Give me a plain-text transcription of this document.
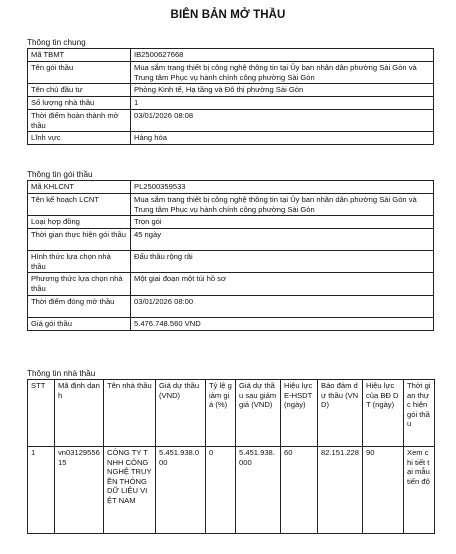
BIÊN BẢN MỞ THẦU
Thông tin chung
Mã TBMT	IB2500627668
Tên gói thầu	Mua sắm trang thiết bị công nghệ thông tin tại Ủy ban nhân dân phường Sài Gòn và Trung tâm Phục vụ hành chính công phường Sài Gòn
Tên chủ đầu tư	Phòng Kinh tế, Hạ tầng và Đô thị phường Sài Gòn
Số lượng nhà thầu	1
Thời điểm hoàn thành mở thầu	03/01/2026 08:08
Lĩnh vực	Hàng hóa
Thông tin gói thầu
Mã KHLCNT	PL2500359533
Tên kế hoạch LCNT	Mua sắm trang thiết bị công nghệ thông tin tại Ủy ban nhân dân phường Sài Gòn và Trung tâm Phục vụ hành chính công phường Sài Gòn
Loại hợp đồng	Trọn gói
Thời gian thực hiện gói thầu	45 ngày
Hình thức lựa chọn nhà thầu	Đấu thầu rộng rãi
Phương thức lựa chọn nhà thầu	Một giai đoạn một túi hồ sơ
Thời điểm đóng mở thầu	03/01/2026 08:00
Giá gói thầu	5.476.748.560 VND
Thông tin nhà thầu
STT	Mã định danh	Tên nhà thầu	Giá dự thầu (VND)	Tỷ lệ giảm giá (%)	Giá dự thầu sau giảm giá (VND)	Hiệu lực E-HSDT (ngày)	Bảo đảm dự thầu (VND)	Hiệu lực của BĐ DT (ngày)	Thời gian thực hiện gói thầu
1	vn0312955615	CÔNG TY TNHH CÔNG NGHỆ TRUYỀN THÔNG DỮ LIỆU VIỆT NAM	5.451.938.000	0	5.451.938.000	60	82.151.228	90	Xem chi tiết tại mẫu tiến độ
